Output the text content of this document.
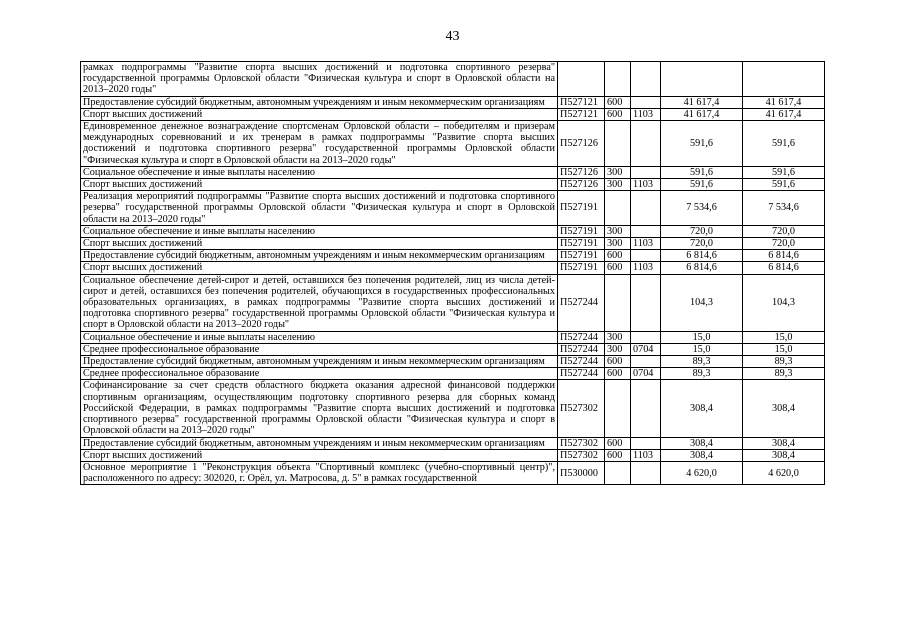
43
рамках подпрограммы "Развитие спорта высших достижений и подготовка спортивного резерва" государственной программы Орловской области "Физическая культура и спорт в Орловской области на 2013–2020 годы"					
Предоставление субсидий бюджетным, автономным учреждениям и иным некоммерческим организациям	П527121	600		41 617,4	41 617,4
Спорт высших достижений	П527121	600	1103	41 617,4	41 617,4
Единовременное денежное вознаграждение спортсменам Орловской области – победителям и призерам международных соревнований и их тренерам в рамках подпрограммы "Развитие спорта высших достижений и подготовка спортивного резерва" государственной программы Орловской области "Физическая культура и спорт в Орловской области на 2013–2020 годы"	П527126			591,6	591,6
Социальное обеспечение и иные выплаты населению	П527126	300		591,6	591,6
Спорт высших достижений	П527126	300	1103	591,6	591,6
Реализация мероприятий подпрограммы "Развитие спорта высших достижений и подготовка спортивного резерва" государственной программы Орловской области "Физическая культура и спорт в Орловской области на 2013–2020 годы"	П527191			7 534,6	7 534,6
Социальное обеспечение и иные выплаты населению	П527191	300		720,0	720,0
Спорт высших достижений	П527191	300	1103	720,0	720,0
Предоставление субсидий бюджетным, автономным учреждениям и иным некоммерческим организациям	П527191	600		6 814,6	6 814,6
Спорт высших достижений	П527191	600	1103	6 814,6	6 814,6
Социальное обеспечение детей-сирот и детей, оставшихся без попечения родителей, лиц из числа детей-сирот и детей, оставшихся без попечения родителей, обучающихся в государственных профессиональных образовательных организациях, в рамках подпрограммы "Развитие спорта высших достижений и подготовка спортивного резерва" государственной программы Орловской области "Физическая культура и спорт в Орловской области на 2013–2020 годы"	П527244			104,3	104,3
Социальное обеспечение и иные выплаты населению	П527244	300		15,0	15,0
Среднее профессиональное образование	П527244	300	0704	15,0	15,0
Предоставление субсидий бюджетным, автономным учреждениям и иным некоммерческим организациям	П527244	600		89,3	89,3
Среднее профессиональное образование	П527244	600	0704	89,3	89,3
Софинансирование за счет средств областного бюджета оказания адресной финансовой поддержки спортивным организациям, осуществляющим подготовку спортивного резерва для сборных команд Российской Федерации, в рамках подпрограммы "Развитие спорта высших достижений и подготовка спортивного резерва" государственной программы Орловской области "Физическая культура и спорт в Орловской области на 2013–2020 годы"	П527302			308,4	308,4
Предоставление субсидий бюджетным, автономным учреждениям и иным некоммерческим организациям	П527302	600		308,4	308,4
Спорт высших достижений	П527302	600	1103	308,4	308,4
Основное мероприятие 1 "Реконструкция объекта "Спортивный комплекс (учебно-спортивный центр)", расположенного по адресу: 302020, г. Орёл, ул. Матросова, д. 5" в рамках государственной	П530000			4 620,0	4 620,0
